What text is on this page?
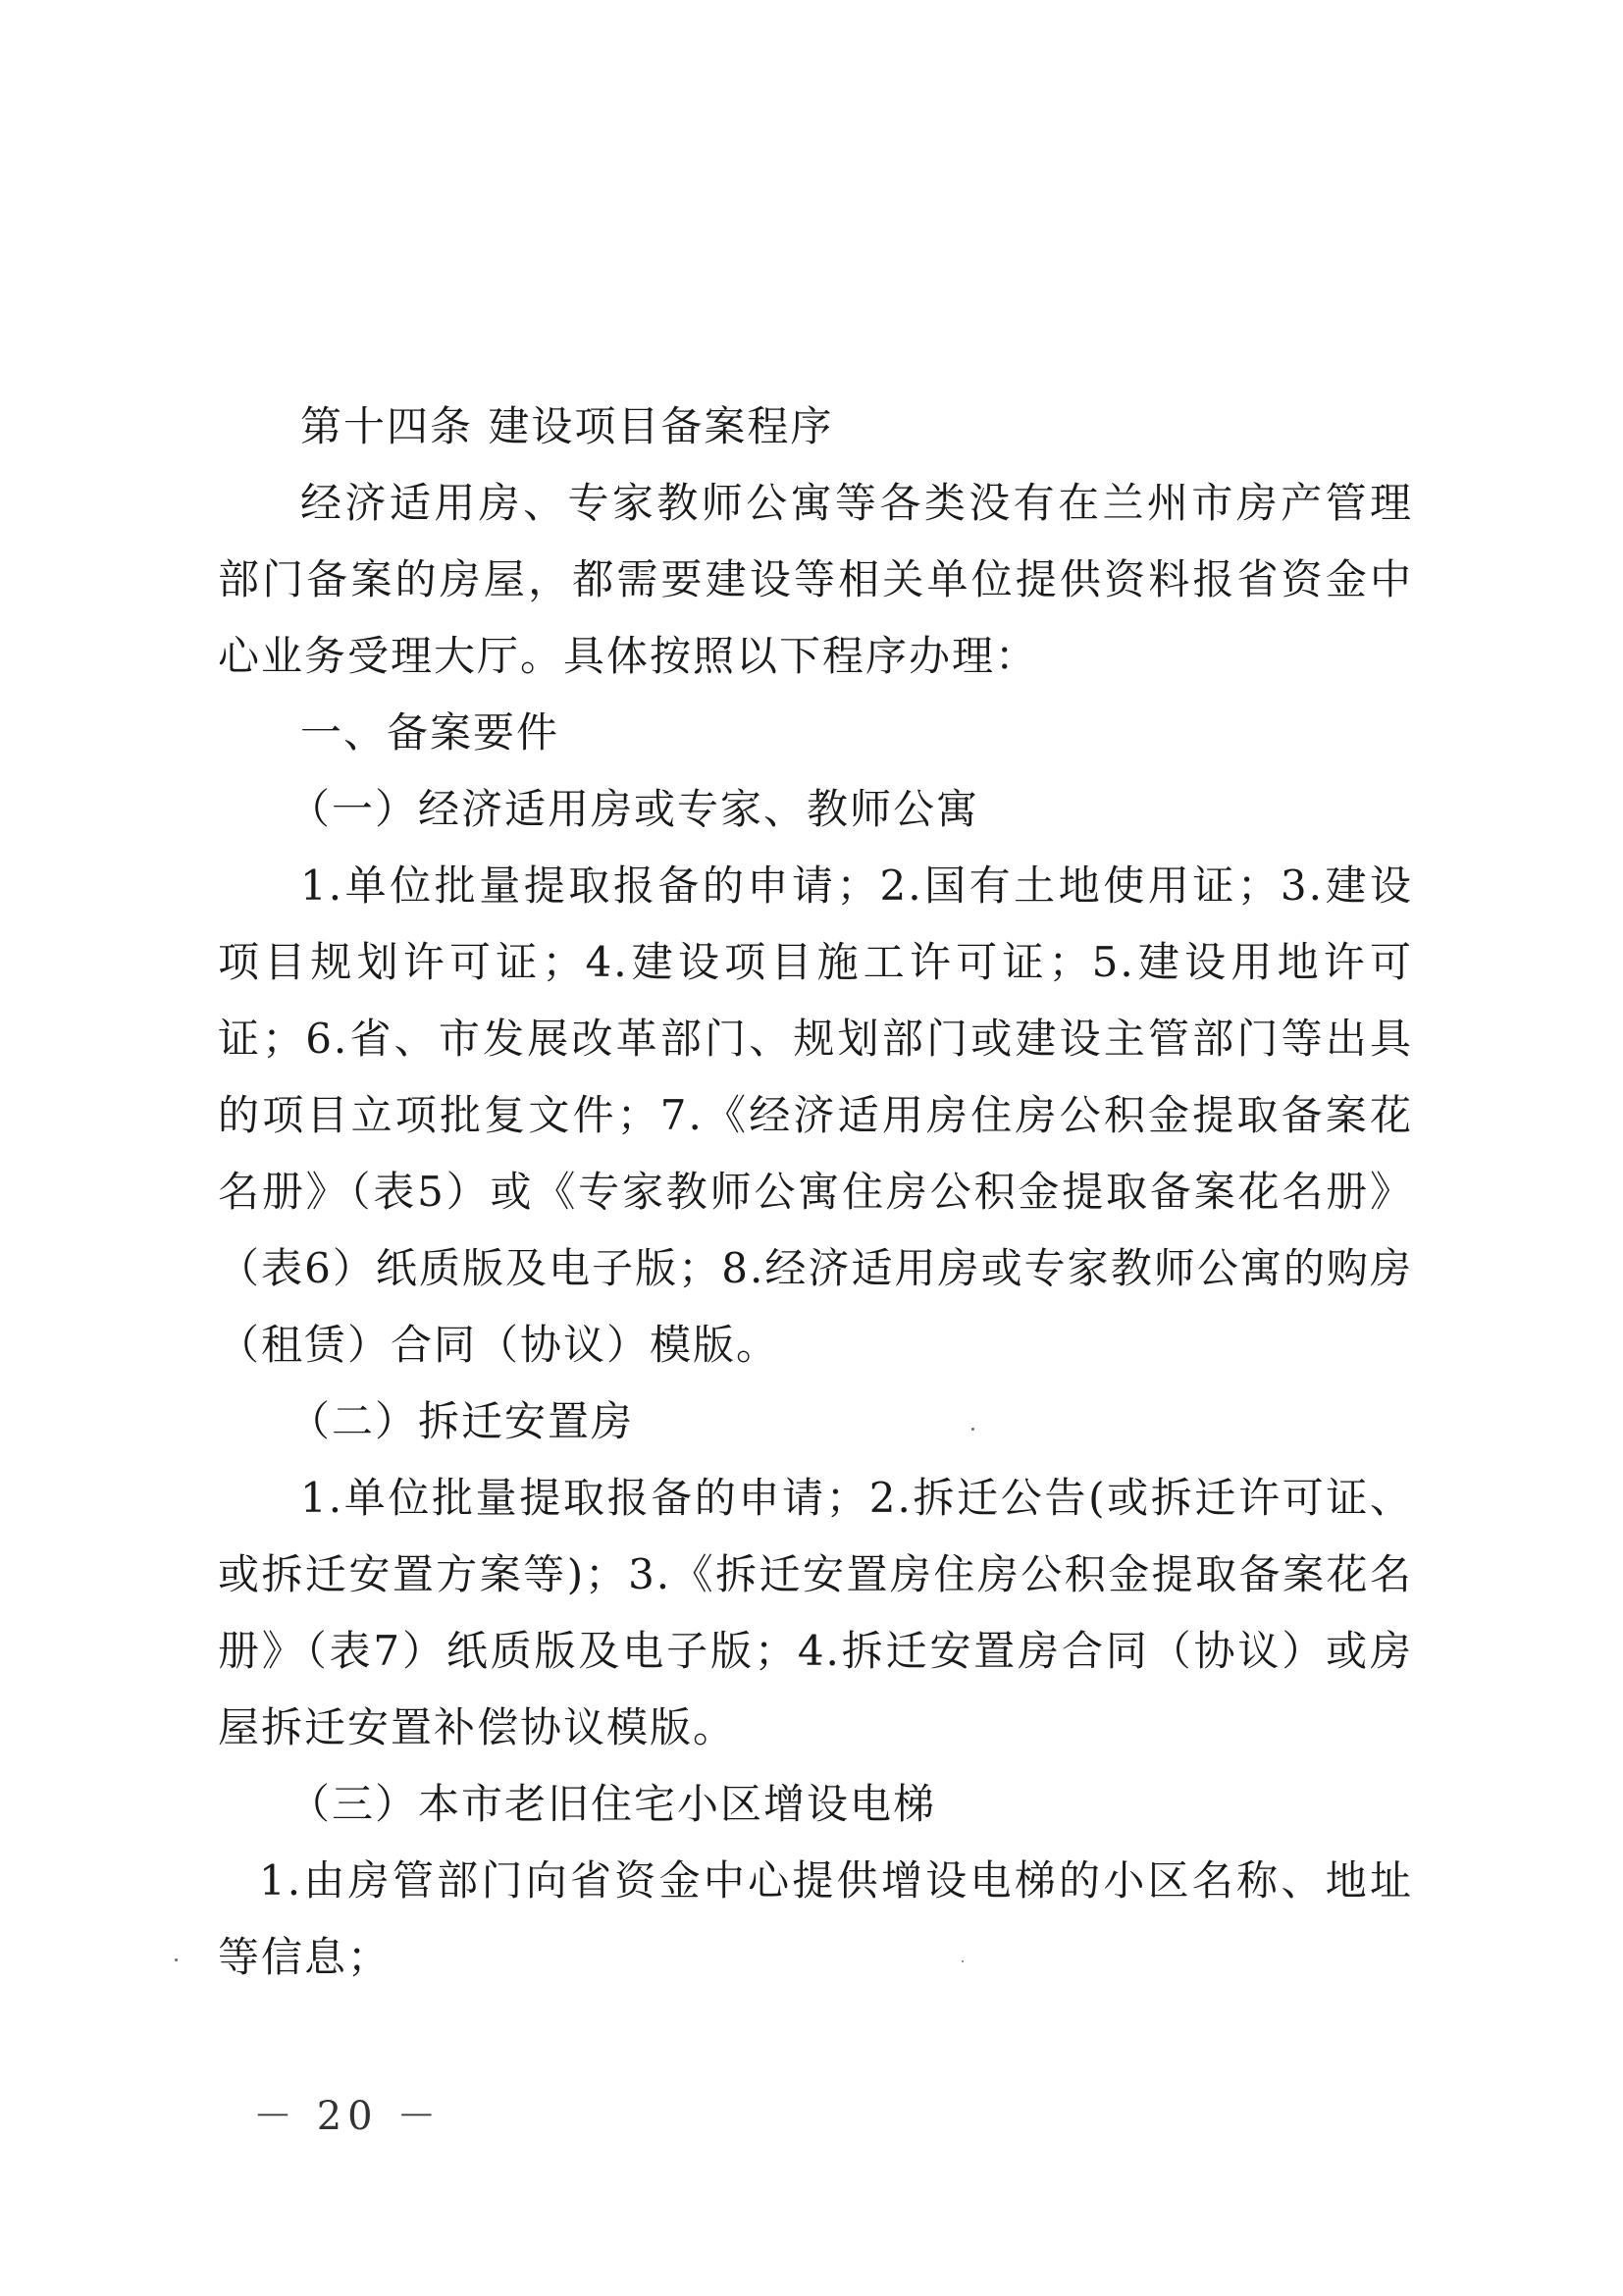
第十四条 建设项目备案程序

经济适用房、专家教师公寓等各类没有在兰州市房产管理部门备案的房屋，都需要建设等相关单位提供资料报省资金中心业务受理大厅。具体按照以下程序办理：

一、备案要件

（一）经济适用房或专家、教师公寓

1.单位批量提取报备的申请；2.国有土地使用证；3.建设项目规划许可证；4.建设项目施工许可证；5.建设用地许可证；6.省、市发展改革部门、规划部门或建设主管部门等出具的项目立项批复文件；7.《经济适用房住房公积金提取备案花名册》（表5）或《专家教师公寓住房公积金提取备案花名册》（表6）纸质版及电子版；8.经济适用房或专家教师公寓的购房（租赁）合同（协议）模版。

（二）拆迁安置房

1.单位批量提取报备的申请；2.拆迁公告(或拆迁许可证、或拆迁安置方案等)；3.《拆迁安置房住房公积金提取备案花名册》（表7）纸质版及电子版；4.拆迁安置房合同（协议）或房屋拆迁安置补偿协议模版。

（三）本市老旧住宅小区增设电梯

1.由房管部门向省资金中心提供增设电梯的小区名称、地址等信息；

－ 20 －
